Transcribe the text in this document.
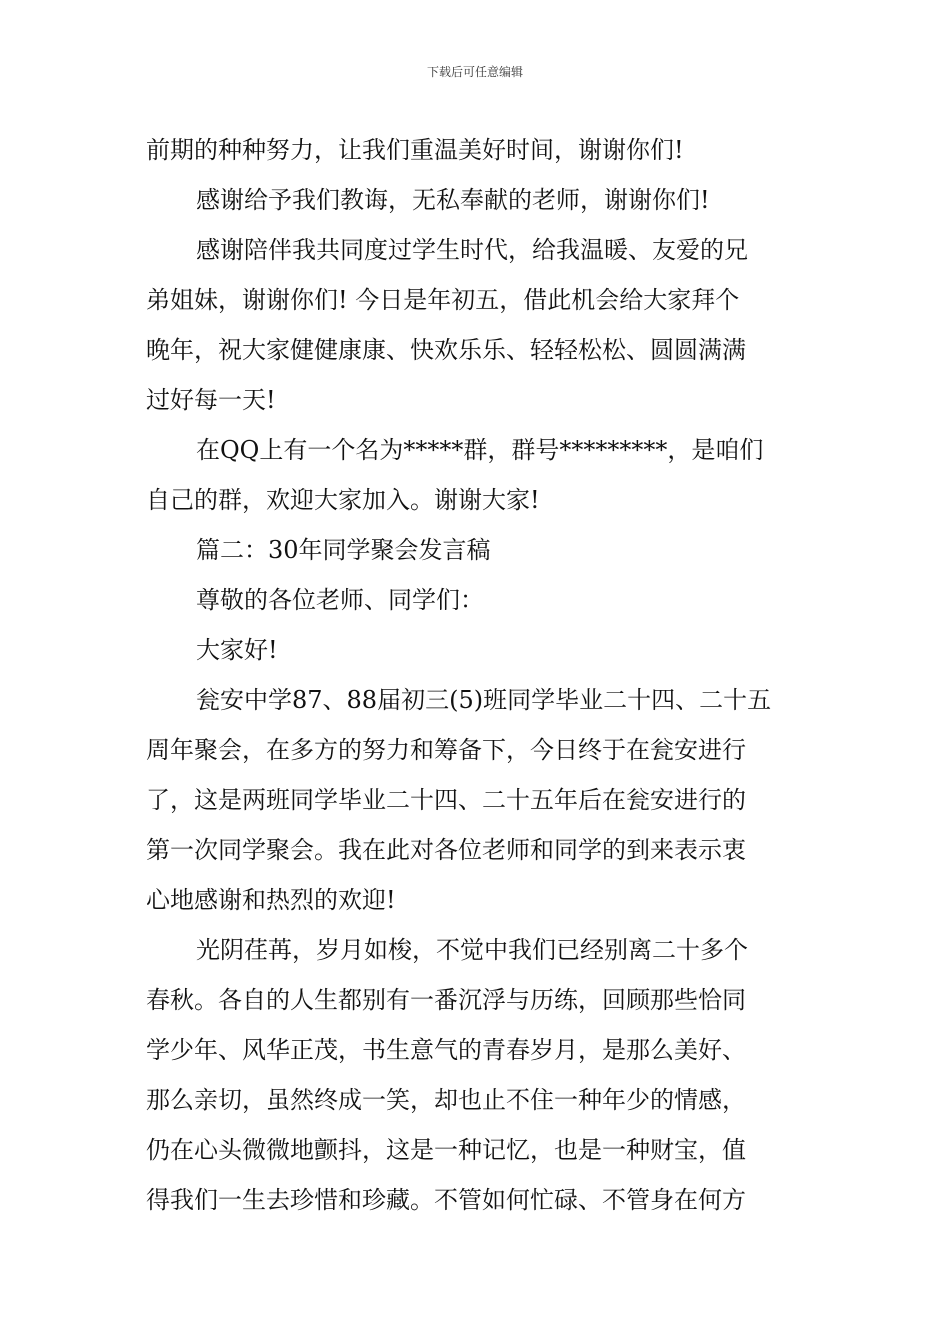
下载后可任意编辑

前期的种种努力，让我们重温美好时间，谢谢你们!

感谢给予我们教诲，无私奉献的老师，谢谢你们!

感谢陪伴我共同度过学生时代，给我温暖、友爱的兄
弟姐妹，谢谢你们! 今日是年初五，借此机会给大家拜个
晚年，祝大家健健康康、快欢乐乐、轻轻松松、圆圆满满
过好每一天!

在QQ上有一个名为*****群，群号*********，是咱们
自己的群，欢迎大家加入。谢谢大家!

篇二：30年同学聚会发言稿

尊敬的各位老师、同学们：

大家好!

瓮安中学87、88届初三(5)班同学毕业二十四、二十五
周年聚会，在多方的努力和筹备下，今日终于在瓮安进行
了，这是两班同学毕业二十四、二十五年后在瓮安进行的
第一次同学聚会。我在此对各位老师和同学的到来表示衷
心地感谢和热烈的欢迎!

光阴荏苒，岁月如梭，不觉中我们已经别离二十多个
春秋。各自的人生都别有一番沉浮与历练，回顾那些恰同
学少年、风华正茂，书生意气的青春岁月，是那么美好、
那么亲切，虽然终成一笑，却也止不住一种年少的情感，
仍在心头微微地颤抖，这是一种记忆，也是一种财宝，值
得我们一生去珍惜和珍藏。不管如何忙碌、不管身在何方
